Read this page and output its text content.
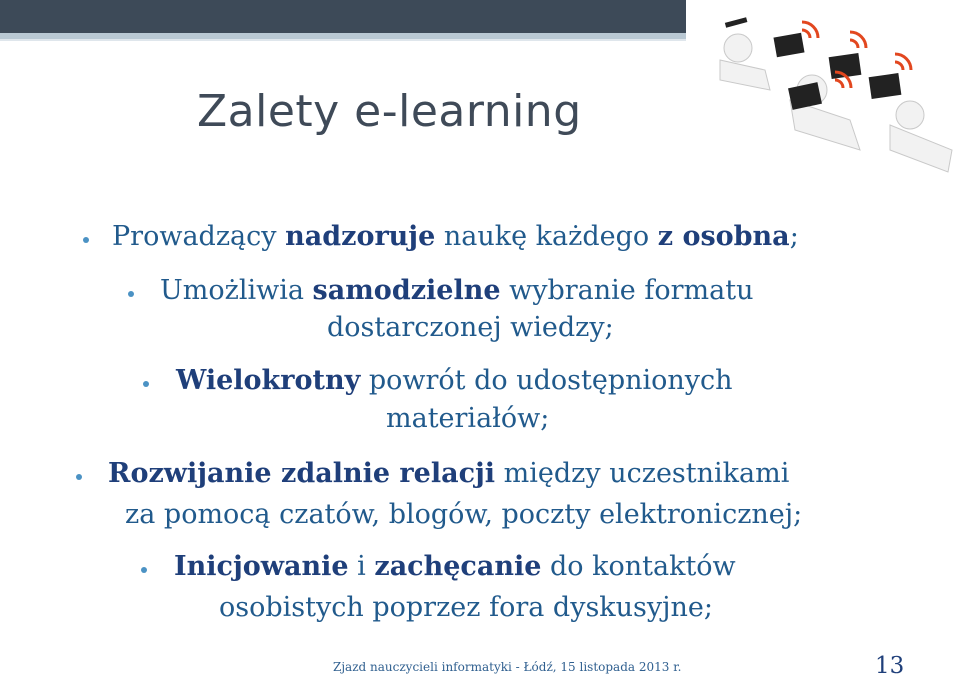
Zalety e-learning
Prowadzący nadzoruje naukę każdego z osobna;
Umożliwia samodzielne wybranie formatu
dostarczonej wiedzy;
Wielokrotny powrót do udostępnionych
materiałów;
Rozwijanie zdalnie relacji między uczestnikami
za pomocą czatów, blogów, poczty elektronicznej;
Inicjowanie i zachęcanie do kontaktów
osobistych poprzez fora dyskusyjne;
Zjazd nauczycieli informatyki - Łódź, 15 listopada 2013 r.	13
